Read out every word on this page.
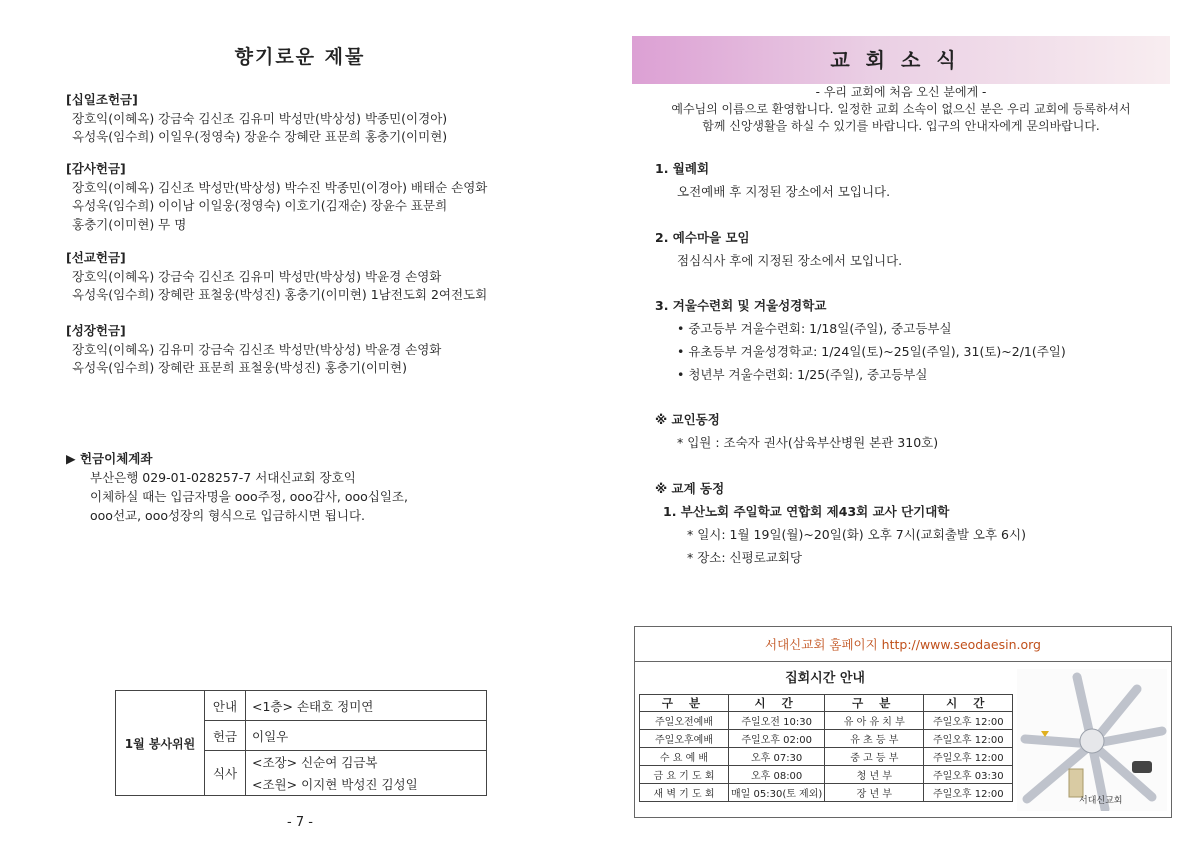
향기로운 제물
[십일조헌금]
장호익(이혜옥) 강금숙 김신조 김유미 박성만(박상성) 박종민(이경아)
옥성욱(임수희) 이일우(정영숙) 장윤수 장혜란 표문희 홍충기(이미현)
[감사헌금]
장호익(이혜옥) 김신조 박성만(박상성) 박수진 박종민(이경아) 배태순 손영화
옥성욱(임수희) 이이남 이일웅(정영숙) 이호기(김재순) 장윤수 표문희
홍충기(이미현) 무 명
[선교헌금]
장호익(이혜옥) 강금숙 김신조 김유미 박성만(박상성) 박윤경 손영화
옥성욱(임수희) 장혜란 표철웅(박성진) 홍충기(이미현) 1남전도회 2여전도회
[성장헌금]
장호익(이혜옥) 김유미 강금숙 김신조 박성만(박상성) 박윤경 손영화
옥성욱(임수희) 장혜란 표문희 표철웅(박성진) 홍충기(이미현)
▶ 헌금이체계좌
부산은행 029-01-028257-7 서대신교회 장호익
이체하실 때는 입금자명을 ooo주정, ooo감사, ooo십일조,
ooo선교, ooo성장의 형식으로 입금하시면 됩니다.
1월 봉사위원	안내	<1층> 손태호 정미연
	헌금	이일우
	식사	<조장> 신순여 김금복
		<조원> 이지현 박성진 김성일
- 7 -
교회소식
- 우리 교회에 처음 오신 분에게 -
예수님의 이름으로 환영합니다. 일정한 교회 소속이 없으신 분은 우리 교회에 등록하셔서
함께 신앙생활을 하실 수 있기를 바랍니다. 입구의 안내자에게 문의바랍니다.
1. 월례회
오전예배 후 지정된 장소에서 모입니다.
2. 예수마을 모임
점심식사 후에 지정된 장소에서 모입니다.
3. 겨울수련회 및 겨울성경학교
• 중고등부 겨울수련회: 1/18일(주일), 중고등부실
• 유초등부 겨울성경학교: 1/24일(토)~25일(주일), 31(토)~2/1(주일)
• 청년부 겨울수련회: 1/25(주일), 중고등부실
※ 교인동정
* 입원 : 조숙자 권사(삼육부산병원 본관 310호)
※ 교계 동정
1. 부산노회 주일학교 연합회 제43회 교사 단기대학
* 일시: 1월 19일(월)~20일(화) 오후 7시(교회출발 오후 6시)
* 장소: 신평로교회당
서대신교회 홈페이지 http://www.seodaesin.org
집회시간 안내
구 분	시 간	구 분	시 간
주일오전예배	주일오전 10:30	유 아 유 치 부	주일오후 12:00
주일오후예배	주일오후 02:00	유 초 등 부	주일오후 12:00
수 요 예 배	오후 07:30	중 고 등 부	주일오후 12:00
금 요 기 도 회	오후 08:00	청 년 부	주일오후 03:30
새 벽 기 도 회	매일 05:30(토 제외)	장 년 부	주일오후 12:00
서대신교회
